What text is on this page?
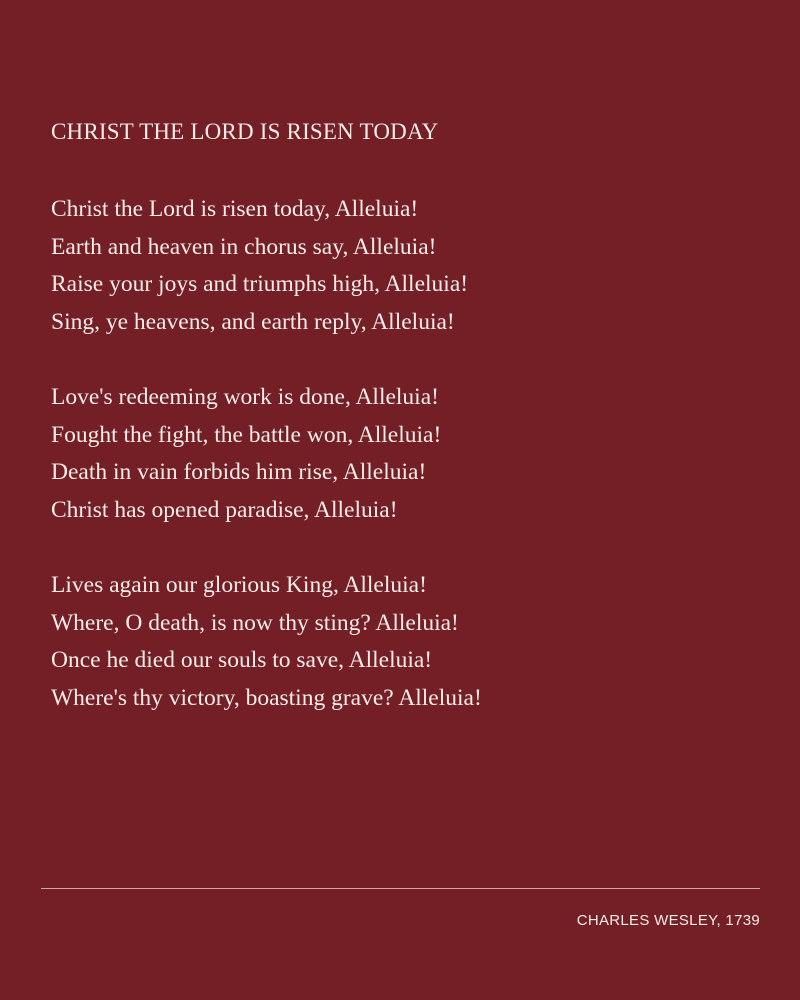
CHRIST THE LORD IS RISEN TODAY
Christ the Lord is risen today, Alleluia!
Earth and heaven in chorus say, Alleluia!
Raise your joys and triumphs high, Alleluia!
Sing, ye heavens, and earth reply, Alleluia!
Love's redeeming work is done, Alleluia!
Fought the fight, the battle won, Alleluia!
Death in vain forbids him rise, Alleluia!
Christ has opened paradise, Alleluia!
Lives again our glorious King, Alleluia!
Where, O death, is now thy sting? Alleluia!
Once he died our souls to save, Alleluia!
Where's thy victory, boasting grave? Alleluia!

CHARLES WESLEY, 1739
